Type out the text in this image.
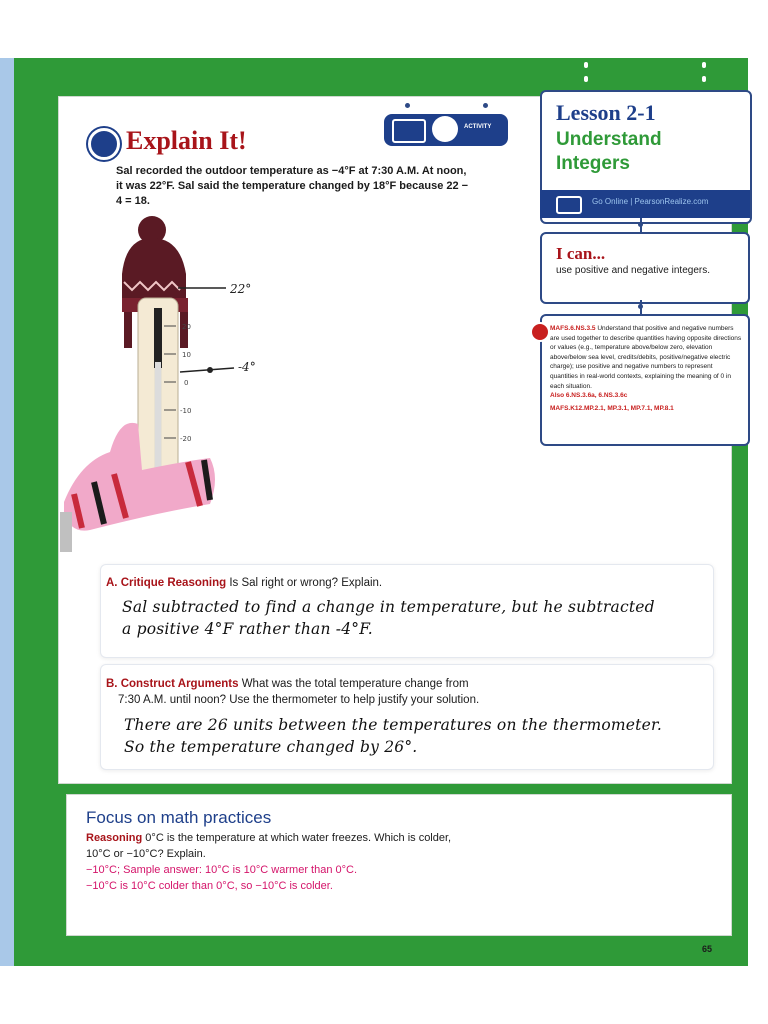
Explain It!	ACTIVITY
Sal recorded the outdoor temperature as −4°F at 7:30 A.M. At noon, it was 22°F. Sal said the temperature changed by 18°F because 22 − 4 = 18.
20
10
0
-10
-20
22°
-4°
Lesson 2-1
Understand
Integers
Go Online | PearsonRealize.com
I can...
use positive and negative integers.
MAFS.6.NS.3.5 Understand that positive and negative numbers are used together to describe quantities having opposite directions or values (e.g., temperature above/below zero, elevation above/below sea level, credits/debits, positive/negative electric charge); use positive and negative numbers to represent quantities in real-world contexts, explaining the meaning of 0 in each situation.
Also 6.NS.3.6a, 6.NS.3.6c
MAFS.K12.MP.2.1, MP.3.1, MP.7.1, MP.8.1
A. Critique Reasoning Is Sal right or wrong? Explain.
Sal subtracted to find a change in temperature, but he subtracted
a positive 4°F rather than -4°F.
B. Construct Arguments What was the total temperature change from
7:30 A.M. until noon? Use the thermometer to help justify your solution.
There are 26 units between the temperatures on the thermometer.
So the temperature changed by 26°.
Focus on math practices
Reasoning 0°C is the temperature at which water freezes. Which is colder,
10°C or −10°C? Explain.
−10°C; Sample answer: 10°C is 10°C warmer than 0°C.
−10°C is 10°C colder than 0°C, so −10°C is colder.
65
